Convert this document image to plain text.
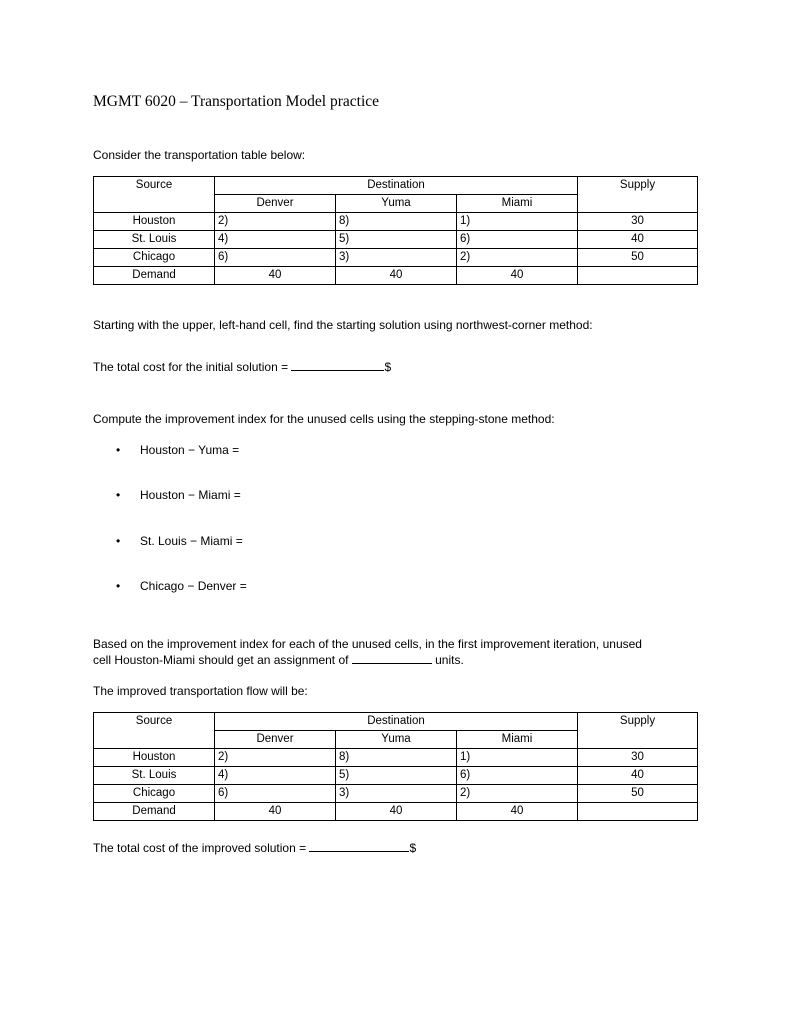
MGMT 6020 – Transportation Model practice
Consider the transportation table below:
Source	Destination			Supply
	Denver	Yuma	Miami	
Houston	2)	8)	1)	30
St. Louis	4)	5)	6)	40
Chicago	6)	3)	2)	50
Demand	40	40	40	
Starting with the upper, left-hand cell, find the starting solution using northwest-corner method:
The total cost for the initial solution =	$
Compute the improvement index for the unused cells using the stepping-stone method:
• Houston − Yuma =
• Houston − Miami =
• St. Louis − Miami =
• Chicago − Denver =
Based on the improvement index for each of the unused cells, in the first improvement iteration, unused
cell Houston-Miami should get an assignment of	units.
The improved transportation flow will be:
Source	Destination			Supply
	Denver	Yuma	Miami	
Houston	2)	8)	1)	30
St. Louis	4)	5)	6)	40
Chicago	6)	3)	2)	50
Demand	40	40	40	
The total cost of the improved solution =	$
